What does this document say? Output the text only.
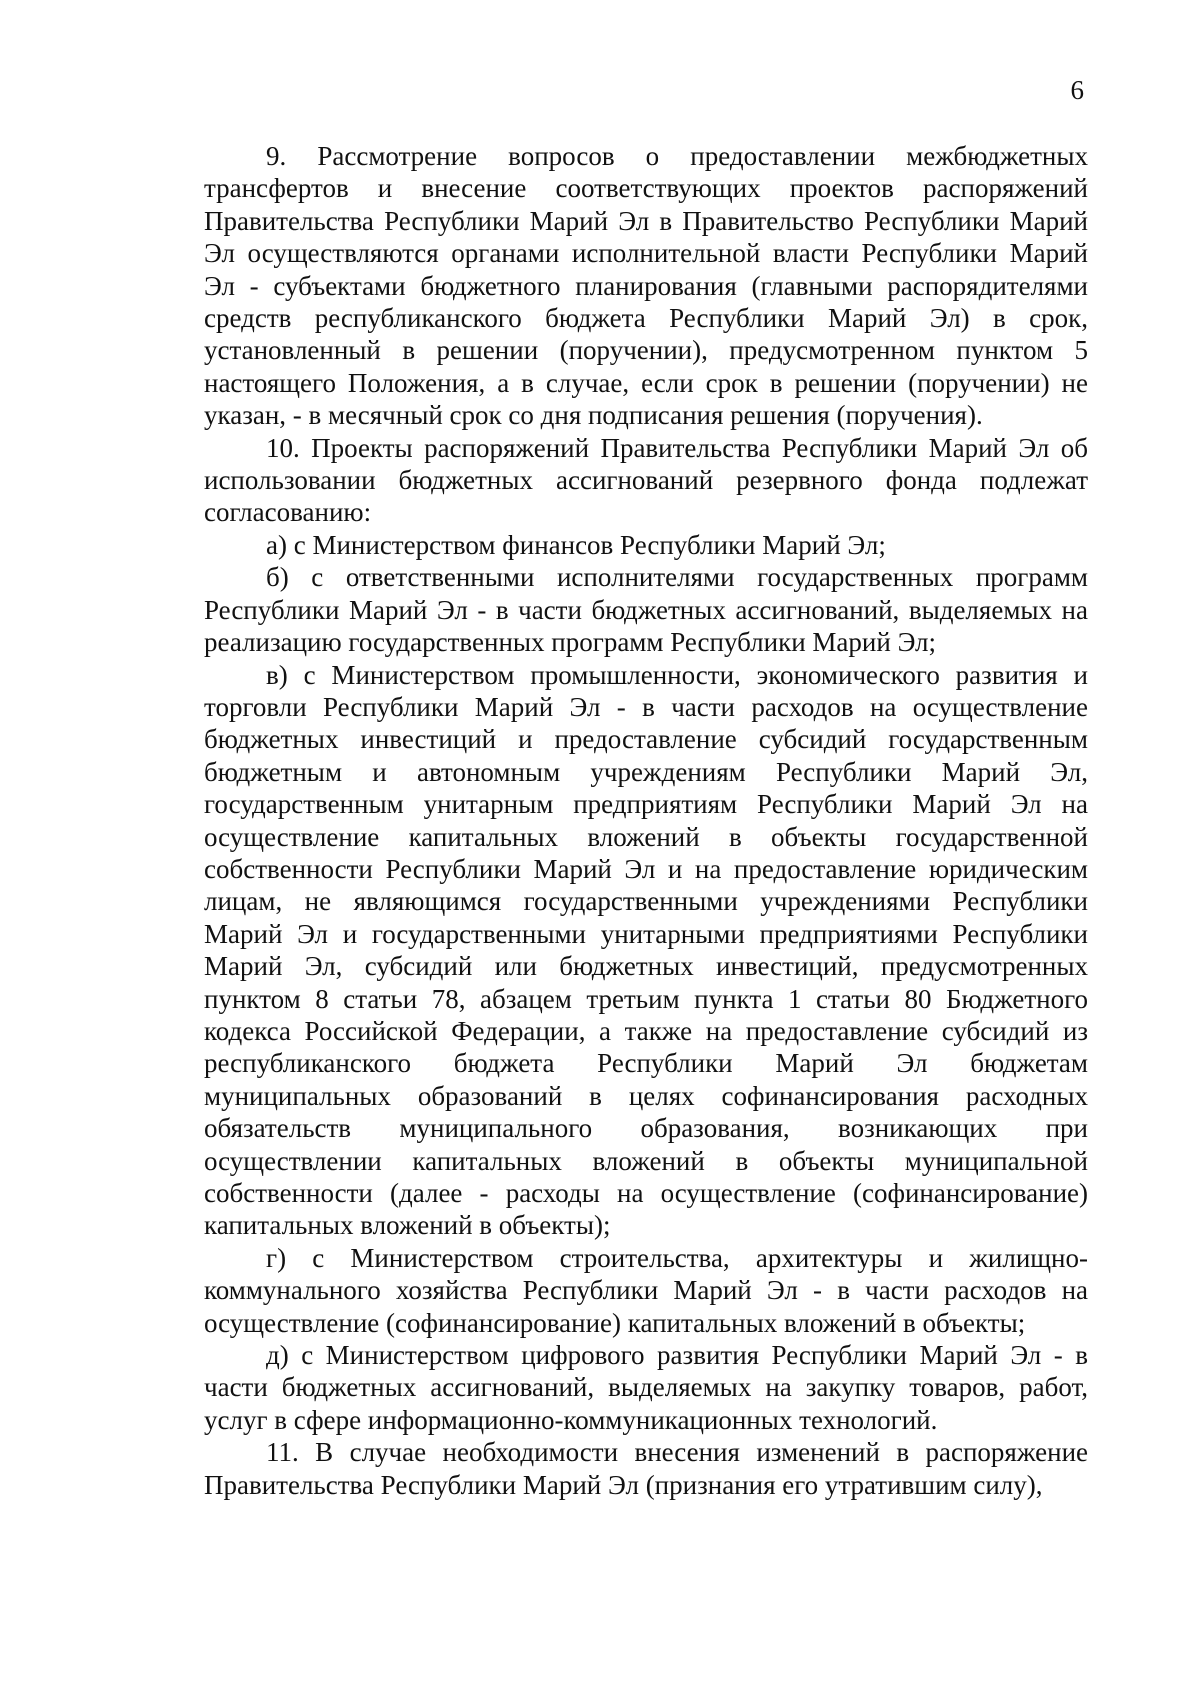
6

9. Рассмотрение вопросов о предоставлении межбюджетных трансфертов и внесение соответствующих проектов распоряжений Правительства Республики Марий Эл в Правительство Республики Марий Эл осуществляются органами исполнительной власти Республики Марий Эл - субъектами бюджетного планирования (главными распорядителями средств республиканского бюджета Республики Марий Эл) в срок, установленный в решении (поручении), предусмотренном пунктом 5 настоящего Положения, а в случае, если срок в решении (поручении) не указан, - в месячный срок со дня подписания решения (поручения).

10. Проекты распоряжений Правительства Республики Марий Эл об использовании бюджетных ассигнований резервного фонда подлежат согласованию:

а) с Министерством финансов Республики Марий Эл;

б) с ответственными исполнителями государственных программ Республики Марий Эл - в части бюджетных ассигнований, выделяемых на реализацию государственных программ Республики Марий Эл;

в) с Министерством промышленности, экономического развития и торговли Республики Марий Эл - в части расходов на осуществление бюджетных инвестиций и предоставление субсидий государственным бюджетным и автономным учреждениям Республики Марий Эл, государственным унитарным предприятиям Республики Марий Эл на осуществление капитальных вложений в объекты государственной собственности Республики Марий Эл и на предоставление юридическим лицам, не являющимся государственными учреждениями Республики Марий Эл и государственными унитарными предприятиями Республики Марий Эл, субсидий или бюджетных инвестиций, предусмотренных пунктом 8 статьи 78, абзацем третьим пункта 1 статьи 80 Бюджетного кодекса Российской Федерации, а также на предоставление субсидий из республиканского бюджета Республики Марий Эл бюджетам муниципальных образований в целях софинансирования расходных обязательств муниципального образования, возникающих при осуществлении капитальных вложений в объекты муниципальной собственности (далее - расходы на осуществление (софинансирование) капитальных вложений в объекты);

г) с Министерством строительства, архитектуры и жилищно-коммунального хозяйства Республики Марий Эл - в части расходов на осуществление (софинансирование) капитальных вложений в объекты;

д) с Министерством цифрового развития Республики Марий Эл - в части бюджетных ассигнований, выделяемых на закупку товаров, работ, услуг в сфере информационно-коммуникационных технологий.

11. В случае необходимости внесения изменений в распоряжение Правительства Республики Марий Эл (признания его утратившим силу),
